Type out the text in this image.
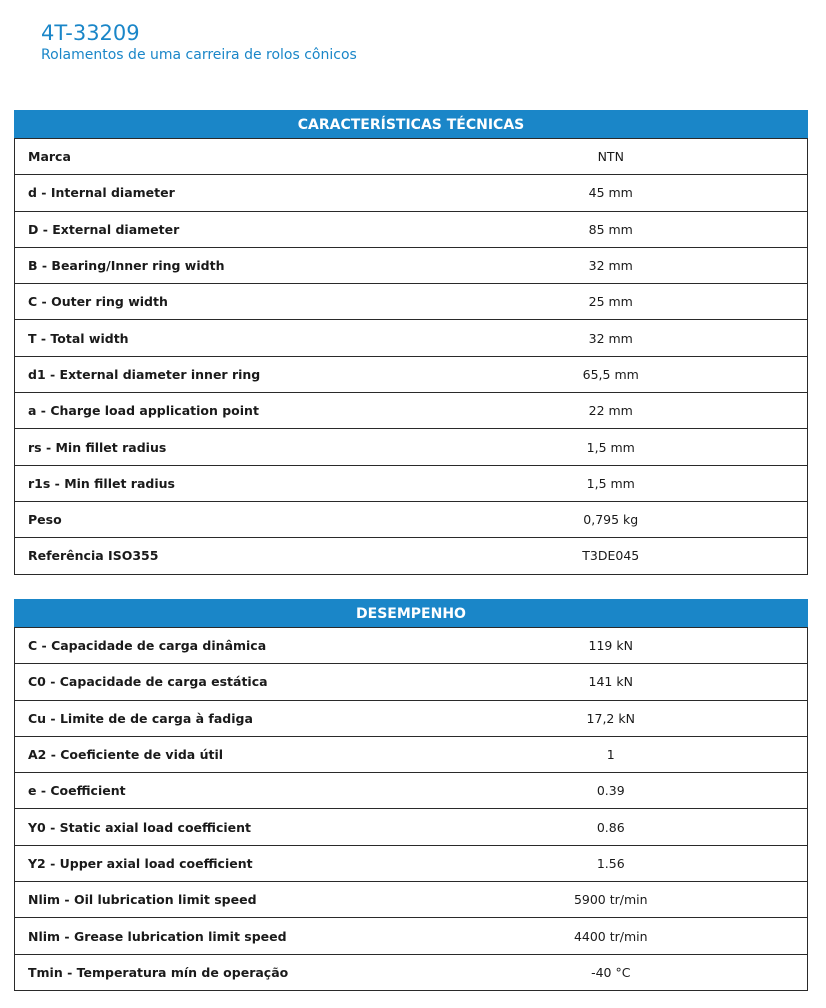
4T-33209

Rolamentos de uma carreira de rolos cônicos

CARACTERÍSTICAS TÉCNICAS
Marca	NTN
d - Internal diameter	45 mm
D - External diameter	85 mm
B - Bearing/Inner ring width	32 mm
C - Outer ring width	25 mm
T - Total width	32 mm
d1 - External diameter inner ring	65,5 mm
a - Charge load application point	22 mm
rs - Min fillet radius	1,5 mm
r1s - Min fillet radius	1,5 mm
Peso	0,795 kg
Referência ISO355	T3DE045
DESEMPENHO
C - Capacidade de carga dinâmica	119 kN
C0 - Capacidade de carga estática	141 kN
Cu - Limite de de carga à fadiga	17,2 kN
A2 - Coeficiente de vida útil	1
e - Coefficient	0.39
Y0 - Static axial load coefficient	0.86
Y2 - Upper axial load coefficient	1.56
Nlim - Oil lubrication limit speed	5900 tr/min
Nlim - Grease lubrication limit speed	4400 tr/min
Tmin - Temperatura mín de operação	-40 °C
